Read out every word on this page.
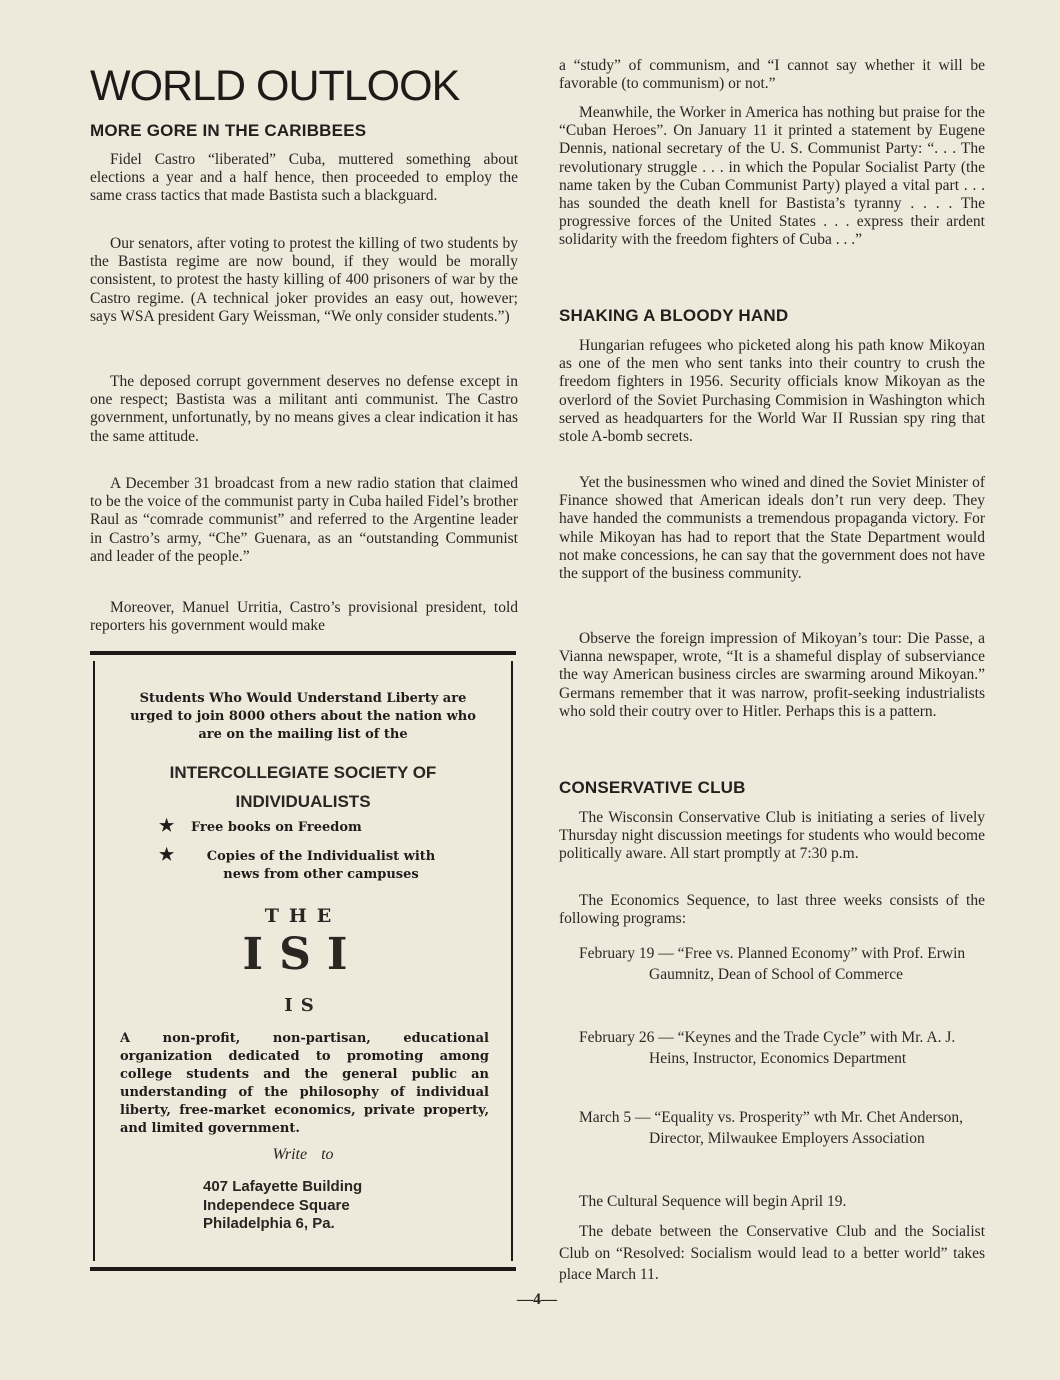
WORLD OUTLOOK
MORE GORE IN THE CARIBBEES

Fidel Castro “liberated” Cuba, muttered something about elections a year and a half hence, then proceeded to employ the same crass tactics that made Bastista such a blackguard.

Our senators, after voting to protest the killing of two students by the Bastista regime are now bound, if they would be morally consistent, to protest the hasty killing of 400 prisoners of war by the Castro regime. (A technical joker provides an easy out, however; says WSA president Gary Weissman, “We only consider students.”)

The deposed corrupt government deserves no defense except in one respect; Bastista was a militant anti communist. The Castro government, unfortunatly, by no means gives a clear indication it has the same attitude.

A December 31 broadcast from a new radio station that claimed to be the voice of the communist party in Cuba hailed Fidel’s brother Raul as “comrade communist” and referred to the Argentine leader in Castro’s army, “Che” Guenara, as an “outstanding Communist and leader of the people.”

Moreover, Manuel Urritia, Castro’s provisional president, told reporters his government would make

Students Who Would Understand Liberty are urged to join 8000 others about the nation who are on the mailing list of the
INTERCOLLEGIATE SOCIETY OF INDIVIDUALISTS
★ Free books on Freedom
★	Copies of the Individualist with news from other campuses
THE
ISI
IS
A non-profit, non-partisan, educational organization dedicated to promoting among college students and the general public an understanding of the philosophy of individual liberty, free-market economics, private property, and limited government.
Write to
407 Lafayette Building
Independece Square
Philadelphia 6, Pa.

a “study” of communism, and “I cannot say whether it will be favorable (to communism) or not.”

Meanwhile, the Worker in America has nothing but praise for the “Cuban Heroes”. On January 11 it printed a statement by Eugene Dennis, national secretary of the U. S. Communist Party: “. . . The revolutionary struggle . . . in which the Popular Socialist Party (the name taken by the Cuban Communist Party) played a vital part . . . has sounded the death knell for Bastista’s tyranny . . . . The progressive forces of the United States . . . express their ardent solidarity with the freedom fighters of Cuba . . .”

SHAKING A BLOODY HAND

Hungarian refugees who picketed along his path know Mikoyan as one of the men who sent tanks into their country to crush the freedom fighters in 1956. Security officials know Mikoyan as the overlord of the Soviet Purchasing Commision in Washington which served as headquarters for the World War II Russian spy ring that stole A-bomb secrets.

Yet the businessmen who wined and dined the Soviet Minister of Finance showed that American ideals don’t run very deep. They have handed the communists a tremendous propaganda victory. For while Mikoyan has had to report that the State Department would not make concessions, he can say that the government does not have the support of the business community.

Observe the foreign impression of Mikoyan’s tour: Die Passe, a Vianna newspaper, wrote, “It is a shameful display of subserviance the way American business circles are swarming around Mikoyan.” Germans remember that it was narrow, profit-seeking industrialists who sold their coutry over to Hitler. Perhaps this is a pattern.

CONSERVATIVE CLUB

The Wisconsin Conservative Club is initiating a series of lively Thursday night discussion meetings for students who would become politically aware. All start promptly at 7:30 p.m.

The Economics Sequence, to last three weeks consists of the following programs:

February 19 — “Free vs. Planned Economy” with Prof. Erwin Gaumnitz, Dean of School of Commerce
February 26 — “Keynes and the Trade Cycle” with Mr. A. J. Heins, Instructor, Economics Department
March 5 — “Equality vs. Prosperity” wth Mr. Chet Anderson, Director, Milwaukee Employers Association

The Cultural Sequence will begin April 19.

The debate between the Conservative Club and the Socialist Club on “Resolved: Socialism would lead to a better world” takes place March 11.

—4—
